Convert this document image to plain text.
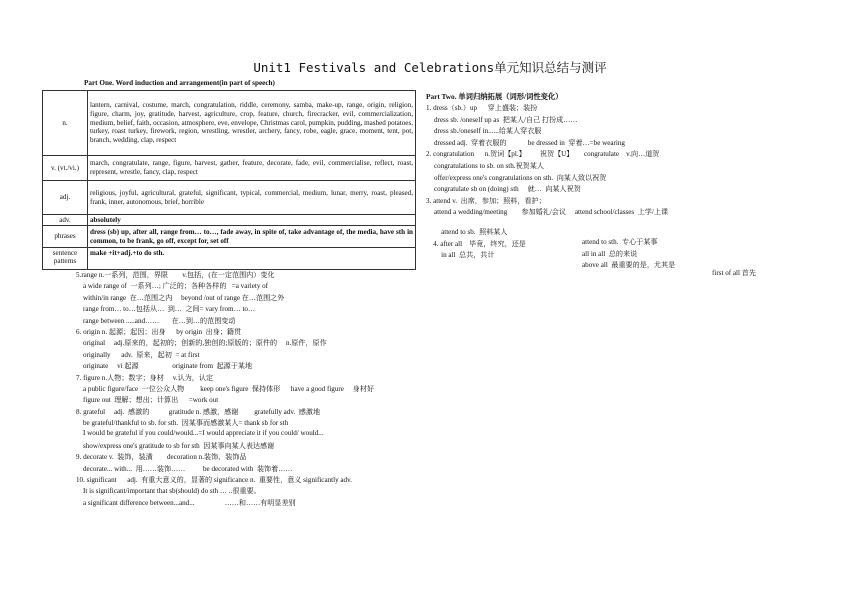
Unit1 Festivals and Celebrations单元知识总结与测评
Part One. Word induction and arrangement(in part of speech)
n.	lantern, carnival, costume, march, congratulation, riddle, ceremony, samba, make-up, range, origin, religion, figure, charm, joy, gratitude, harvest, agriculture, crop, feature, church, firecracker, evil, commercialization, medium, belief, faith, occasion, atmosphere, eve, envelope, Christmas carol, pumpkin, pudding, mashed potatoes, turkey, roast turkey, firework, region, wrestling, wrestler, archery, fancy, robe, eagle, grace, moment, tent, pot, branch, wedding, clap, respect
v. (vt./vi.)	march, congratulate, range, figure, harvest, gather, feature, decorate, fade, evil, commercialise, reflect, roast, represent, wrestle, fancy, clap, respect
adj.	religious, joyful, agricultural, grateful, significant, typical, commercial, medium, lunar, merry, roast, pleased, frank, inner, autonomous, brief, horrible
adv.	absolutely
phrases	dress (sb) up, after all, range from… to…, fade away, in spite of, take advantage of, the media, have sth in common, to be frank, go off, except for, set off
sentence patterns	make +it+adj.+to do sth.
5.range n.一系列，范围，界限        v.包括，(在一定范围内）变化
a wide range of  一系列…; 广泛的；各种各样的   =a variety of
within/in range  在…范围之内     beyond /out of range 在…范围之外
range from… to…包括从…  到…  之间= vary from… to…
range between .....and……       在…到…的范围变动
6. origin n. 起源；起因；出身      by origin  出身；籍贯
original     adj.原来的，起初的；创新的,独创的;原版的；原件的     n.原件，原作
originally      adv.  原来，起初  = at first
originate     vi 起源                   originate from  起源于某地
7. figure n.人物；数字；身材     v.认为，认定
a public figure/face  一位公众人物         keep one's figure  保持体形      have a good figure     身材好
figure out  理解；想出；计算出      =work out
8. grateful     adj.  感激的           gratitude n. 感激，感谢         gratefully adv.  感激地
be grateful/thankful to sb. for sth.  因某事而感激某人= thank sb for sth
I would be grateful if you could/would...=I would appreciate it if you could/ would...
show/express one's gratitude to sb for sth  因某事向某人表达感谢
9. decorate v.  装饰，装潢        decoration n.装饰，装饰品
decorate... with...  用……装饰……          be decorated with  装饰着……
10. significant      adj.  有重大意义的，显著的 significance n.  重要性，意义 significantly adv.
It is significant/important that sb(should) do sth … ..很重要。
a significant difference between...and...                 ……和……有明显差别
Part Two. 单词归纳拓展（词形/词性变化）
1. dress（sb.）up      穿上盛装；装扮
dress sb. /oneself up as  把某人/自己 打扮成……
dress sb./oneself in......给某人穿衣服
dressed adj.  穿着衣服的            be dressed in  穿着…=be wearing
2. congratulation      n.贺词【pl.】        祝贺【U】      congratulate    v.向…道贺
congratulations to sb. on sth.祝贺某人
offer/express one's congratulations on sth.  向某人致以祝贺
congratulate sb on (doing) sth     就…  向某人祝贺
3. attend v.  出席，参加；照料，看护；
attend a wedding/meeting        参加婚礼/会议     attend school/classes  上学/上课

attend to sb.  照料某人

attend to sth.  专心于某事

4. after all    毕竟，终究，还是

all in all  总的来说

in all  总共，共计

above all  最重要的是，尤其是

first of all 首先
